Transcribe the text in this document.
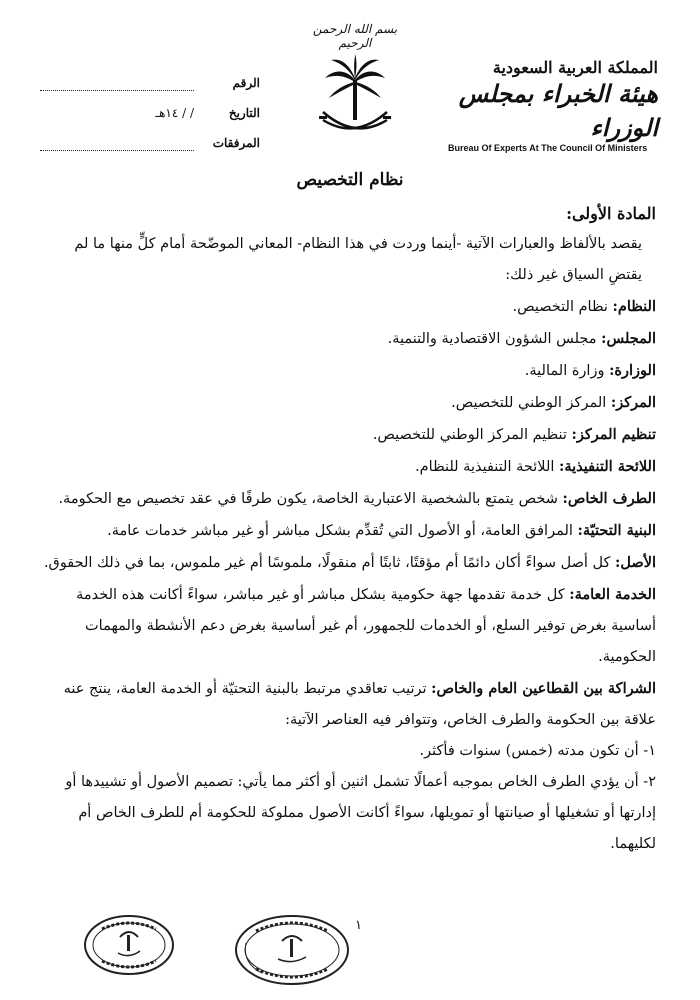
المملكة العربية السعودية
هيئة الخبراء بمجلس الوزراء
Bureau Of Experts At The Council Of Ministers
بسم الله الرحمن الرحيم
الرقم
التاريخ
/ / ١٤هـ
المرفقات
نظام التخصيص

المادة الأولى:

يقصد بالألفاظ والعبارات الآتية -أينما وردت في هذا النظام- المعاني الموضّحة أمام كلٍّ منها ما لم يقتضِ السياق غير ذلك:

النظام: نظام التخصيص.

المجلس: مجلس الشؤون الاقتصادية والتنمية.

الوزارة: وزارة المالية.

المركز: المركز الوطني للتخصيص.

تنظيم المركز: تنظيم المركز الوطني للتخصيص.

اللائحة التنفيذية: اللائحة التنفيذية للنظام.

الطرف الخاص: شخص يتمتع بالشخصية الاعتبارية الخاصة، يكون طرفًا في عقد تخصيص مع الحكومة.

البنية التحتيّة: المرافق العامة، أو الأصول التي تُقدِّم بشكل مباشر أو غير مباشر خدمات عامة.

الأصل: كل أصل سواءً أكان دائمًا أم مؤقتًا، ثابتًا أم منقولًا، ملموسًا أم غير ملموس، بما في ذلك الحقوق.

الخدمة العامة: كل خدمة تقدمها جهة حكومية بشكل مباشر أو غير مباشر، سواءً أكانت هذه الخدمة أساسية بغرض توفير السلع، أو الخدمات للجمهور، أم غير أساسية بغرض دعم الأنشطة والمهمات الحكومية.

الشراكة بين القطاعين العام والخاص: ترتيب تعاقدي مرتبط بالبنية التحتيّة أو الخدمة العامة، ينتج عنه علاقة بين الحكومة والطرف الخاص، وتتوافر فيه العناصر الآتية:

١- أن تكون مدته (خمس) سنوات فأكثر.

٢- أن يؤدي الطرف الخاص بموجبه أعمالًا تشمل اثنين أو أكثر مما يأتي: تصميم الأصول أو تشييدها أو إدارتها أو تشغيلها أو صيانتها أو تمويلها، سواءً أكانت الأصول مملوكة للحكومة أم للطرف الخاص أم لكليهما.

١
